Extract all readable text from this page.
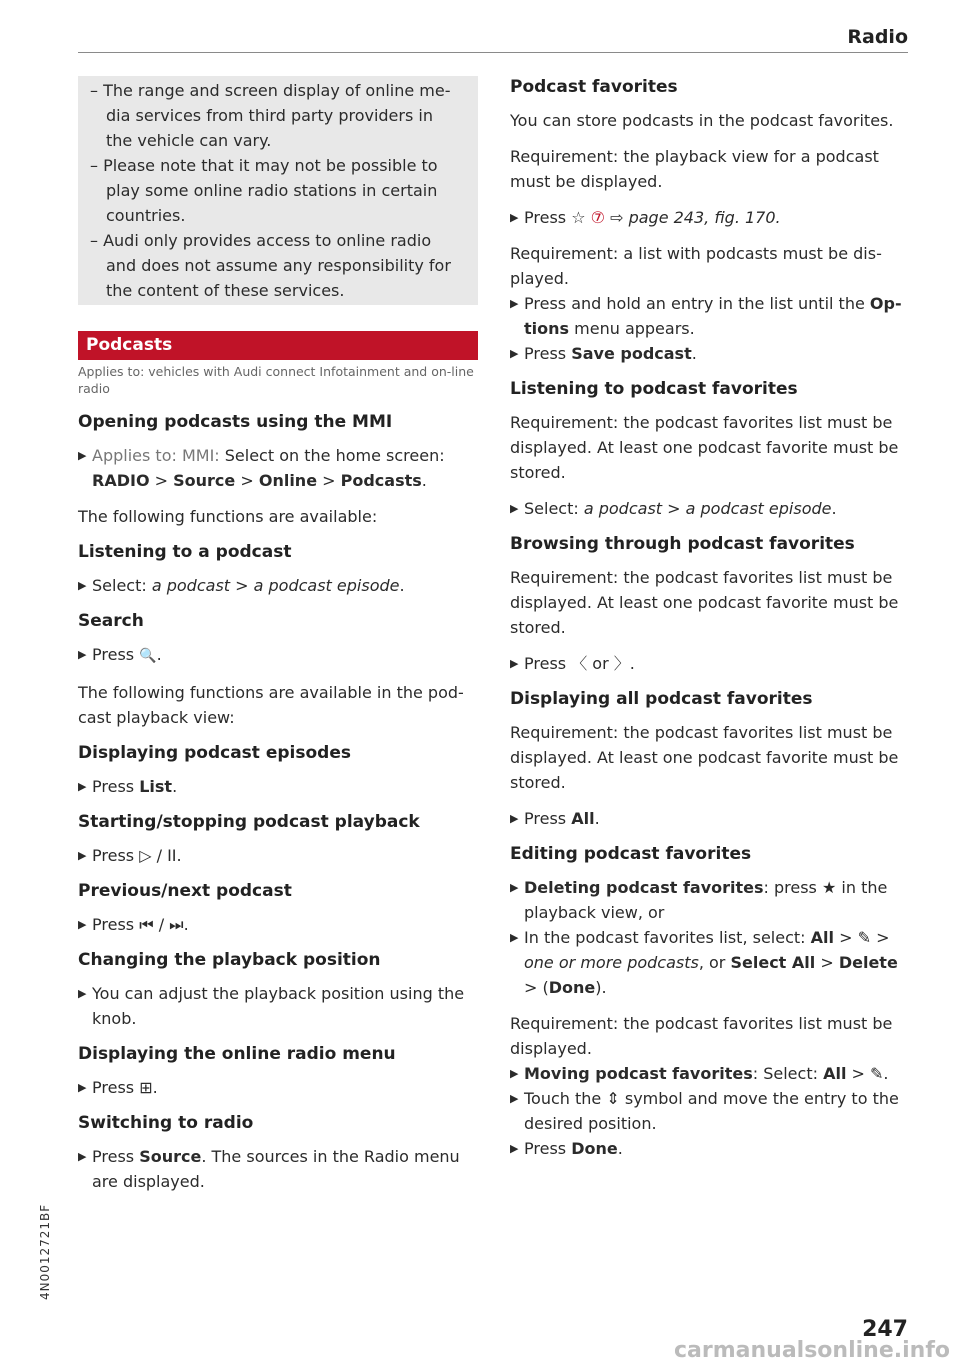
Radio

– The range and screen display of online me-dia services from third party providers in the vehicle can vary.

– Please note that it may not be possible to play some online radio stations in certain countries.

– Audi only provides access to online radio and does not assume any responsibility for the content of these services.

Podcasts
Applies to: vehicles with Audi connect Infotainment and on-line radio
Opening podcasts using the MMI
▶ Applies to: MMI: Select on the home screen:
RADIO > Source > Online > Podcasts.

The following functions are available:

Listening to a podcast
▶ Select: a podcast > a podcast episode.
Search
▶ Press 🔍.

The following functions are available in the pod-cast playback view:

Displaying podcast episodes
▶ Press List.
Starting/stopping podcast playback
▶ Press ▷ / II.
Previous/next podcast
▶ Press ⏮ / ⏭.
Changing the playback position
▶ You can adjust the playback position using the knob.
Displaying the online radio menu
▶ Press ⊞.
Switching to radio
▶ Press Source. The sources in the Radio menu are displayed.
Podcast favorites

You can store podcasts in the podcast favorites.

Requirement: the playback view for a podcast must be displayed.

▶ Press ☆ ⑦ ⇨ page 243, fig. 170.

Requirement: a list with podcasts must be dis-played.

▶ Press and hold an entry in the list until the Op-tions menu appears.
▶ Press Save podcast.
Listening to podcast favorites

Requirement: the podcast favorites list must be displayed. At least one podcast favorite must be stored.

▶ Select: a podcast > a podcast episode.
Browsing through podcast favorites

Requirement: the podcast favorites list must be displayed. At least one podcast favorite must be stored.

▶ Press 〈 or 〉.
Displaying all podcast favorites

Requirement: the podcast favorites list must be displayed. At least one podcast favorite must be stored.

▶ Press All.
Editing podcast favorites
▶ Deleting podcast favorites: press ★ in the playback view, or
▶ In the podcast favorites list, select: All > ✎ > one or more podcasts, or Select All > Delete > (Done).

Requirement: the podcast favorites list must be displayed.

▶ Moving podcast favorites: Select: All > ✎.
▶ Touch the ⇕ symbol and move the entry to the desired position.
▶ Press Done.
4N0012721BF
247
carmanualsonline.info
